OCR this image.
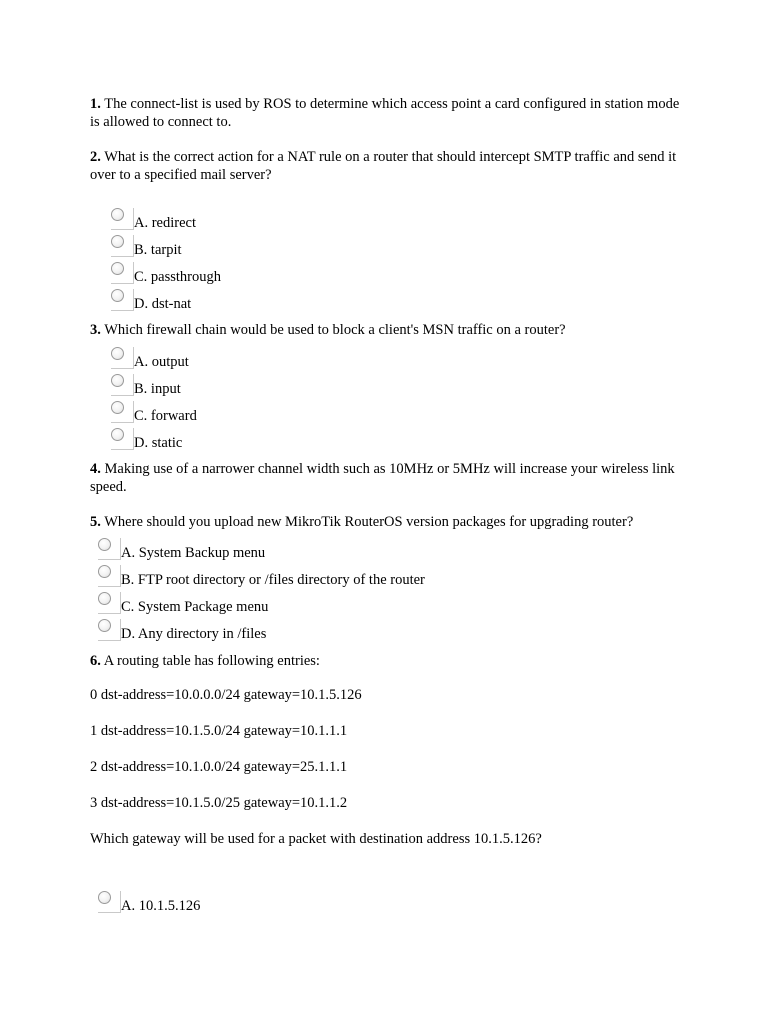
1. The connect-list is used by ROS to determine which access point a card configured in station mode is allowed to connect to.
2. What is the correct action for a NAT rule on a router that should intercept SMTP traffic and send it over to a specified mail server?
A. redirect
B. tarpit
C. passthrough
D. dst-nat
3. Which firewall chain would be used to block a client's MSN traffic on a router?
A. output
B. input
C. forward
D. static
4. Making use of a narrower channel width such as 10MHz or 5MHz will increase your wireless link speed.
5. Where should you upload new MikroTik RouterOS version packages for upgrading router?
A. System Backup menu
B. FTP root directory or /files directory of the router
C. System Package menu
D. Any directory in /files
6. A routing table has following entries:
0 dst-address=10.0.0.0/24 gateway=10.1.5.126
1 dst-address=10.1.5.0/24 gateway=10.1.1.1
2 dst-address=10.1.0.0/24 gateway=25.1.1.1
3 dst-address=10.1.5.0/25 gateway=10.1.1.2
Which gateway will be used for a packet with destination address 10.1.5.126?
A. 10.1.5.126
